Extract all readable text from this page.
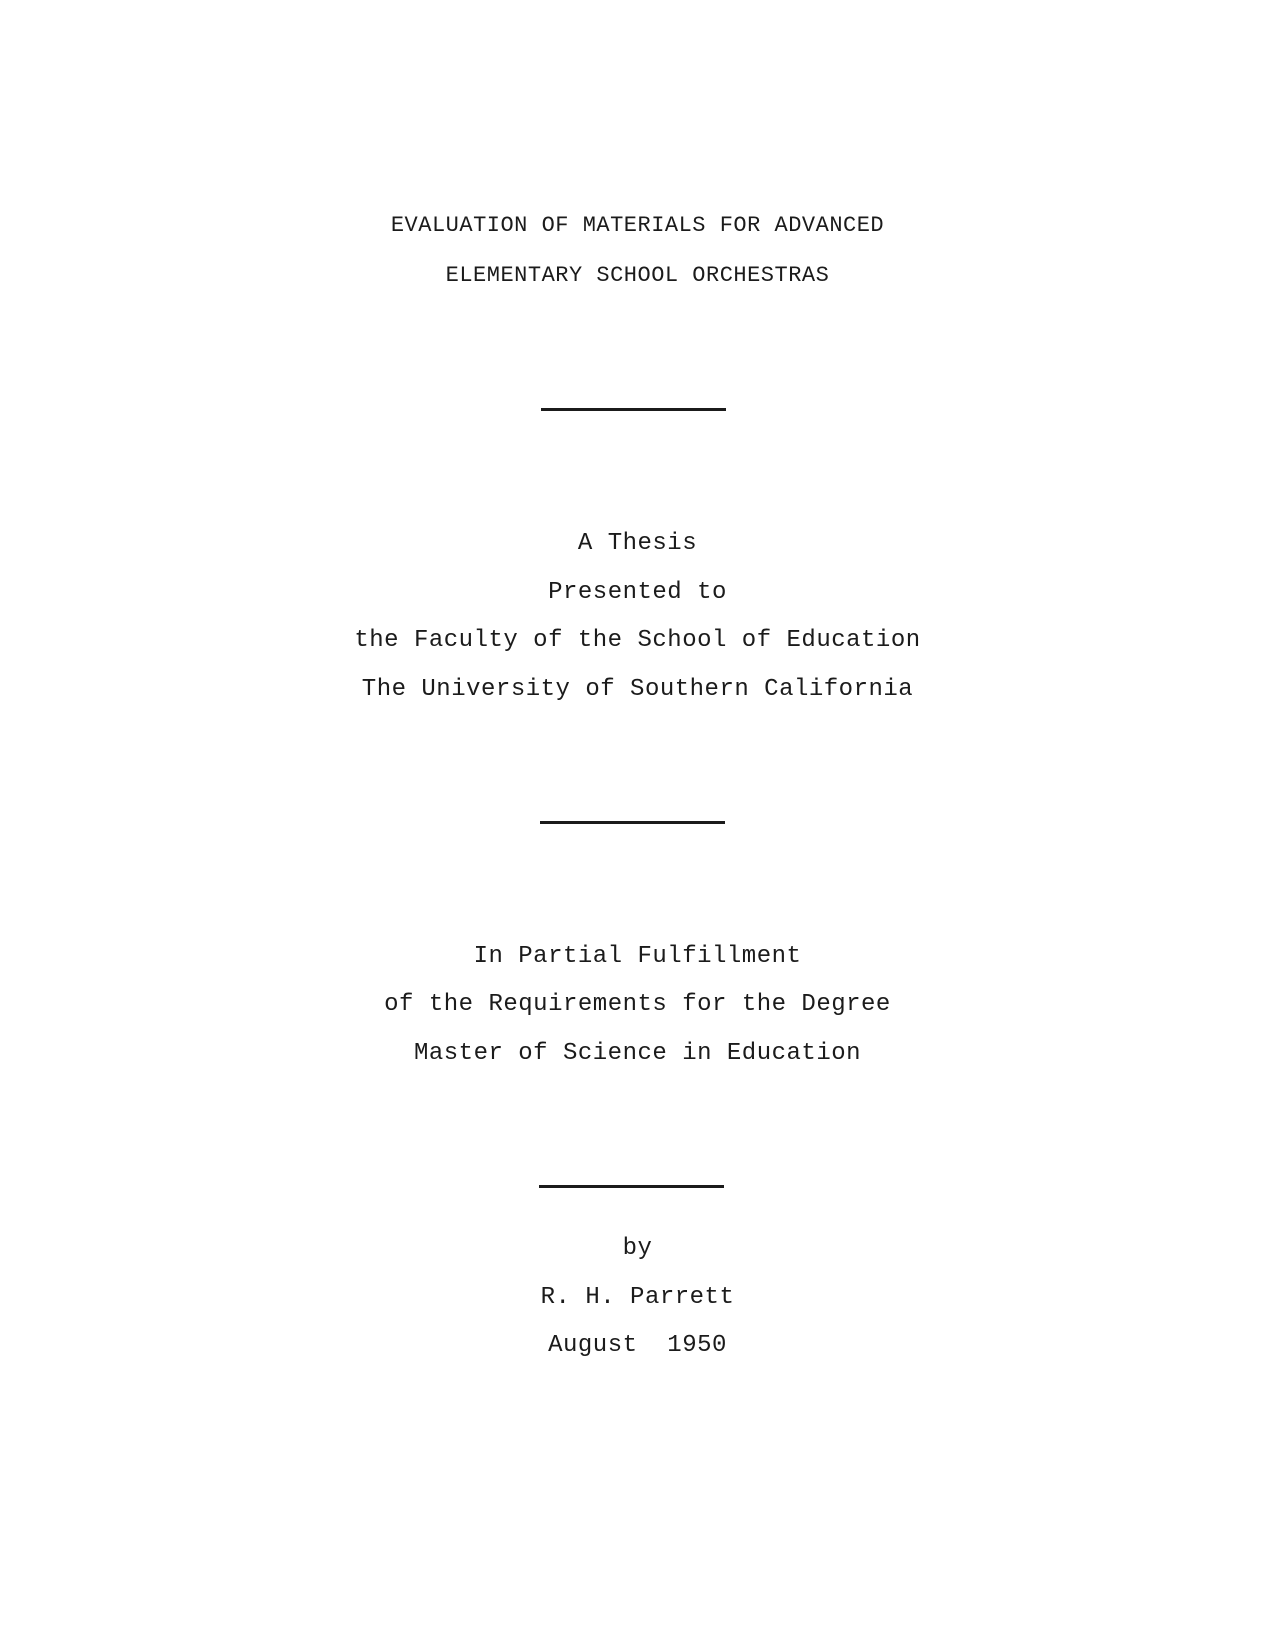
EVALUATION OF MATERIALS FOR ADVANCED
ELEMENTARY SCHOOL ORCHESTRAS
A Thesis
Presented to
the Faculty of the School of Education
The University of Southern California
In Partial Fulfillment
of the Requirements for the Degree
Master of Science in Education
by
R. H. Parrett
August  1950
